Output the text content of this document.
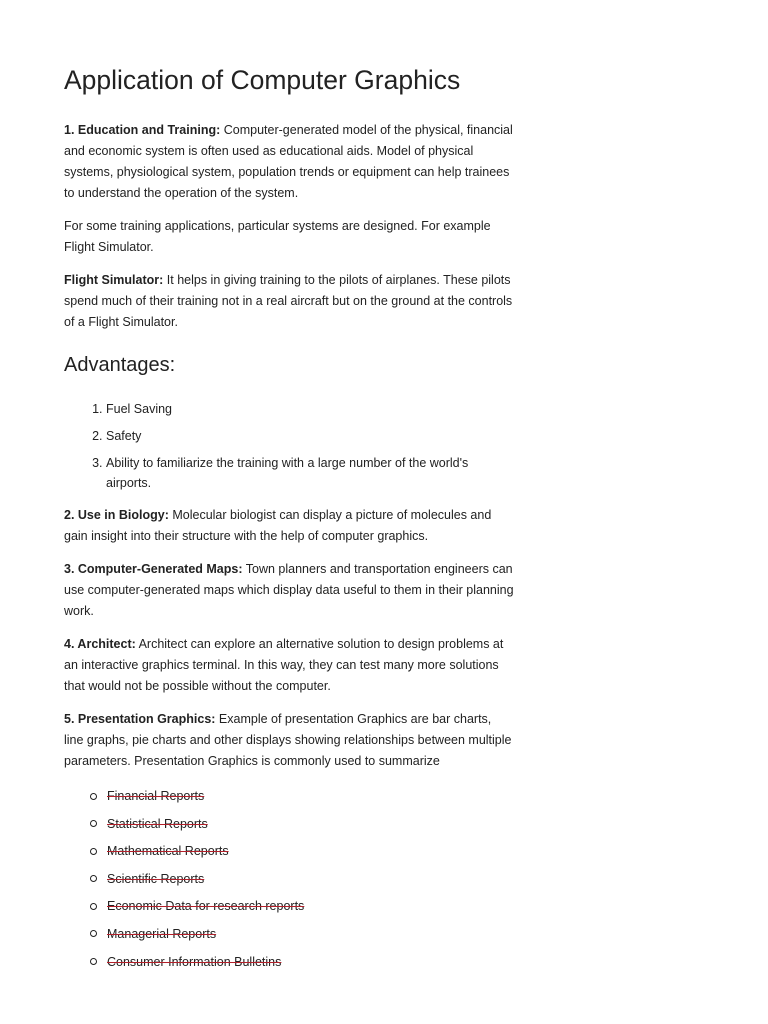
Application of Computer Graphics

1. Education and Training: Computer-generated model of the physical, financial and economic system is often used as educational aids. Model of physical systems, physiological system, population trends or equipment can help trainees to understand the operation of the system.

For some training applications, particular systems are designed. For example Flight Simulator.

Flight Simulator: It helps in giving training to the pilots of airplanes. These pilots spend much of their training not in a real aircraft but on the ground at the controls of a Flight Simulator.

Advantages:
1. Fuel Saving
2. Safety
3. Ability to familiarize the training with a large number of the world's airports.

2. Use in Biology: Molecular biologist can display a picture of molecules and gain insight into their structure with the help of computer graphics.

3. Computer-Generated Maps: Town planners and transportation engineers can use computer-generated maps which display data useful to them in their planning work.

4. Architect: Architect can explore an alternative solution to design problems at an interactive graphics terminal. In this way, they can test many more solutions that would not be possible without the computer.

5. Presentation Graphics: Example of presentation Graphics are bar charts, line graphs, pie charts and other displays showing relationships between multiple parameters. Presentation Graphics is commonly used to summarize

Financial Reports
Statistical Reports
Mathematical Reports
Scientific Reports
Economic Data for research reports
Managerial Reports
Consumer Information Bulletins
